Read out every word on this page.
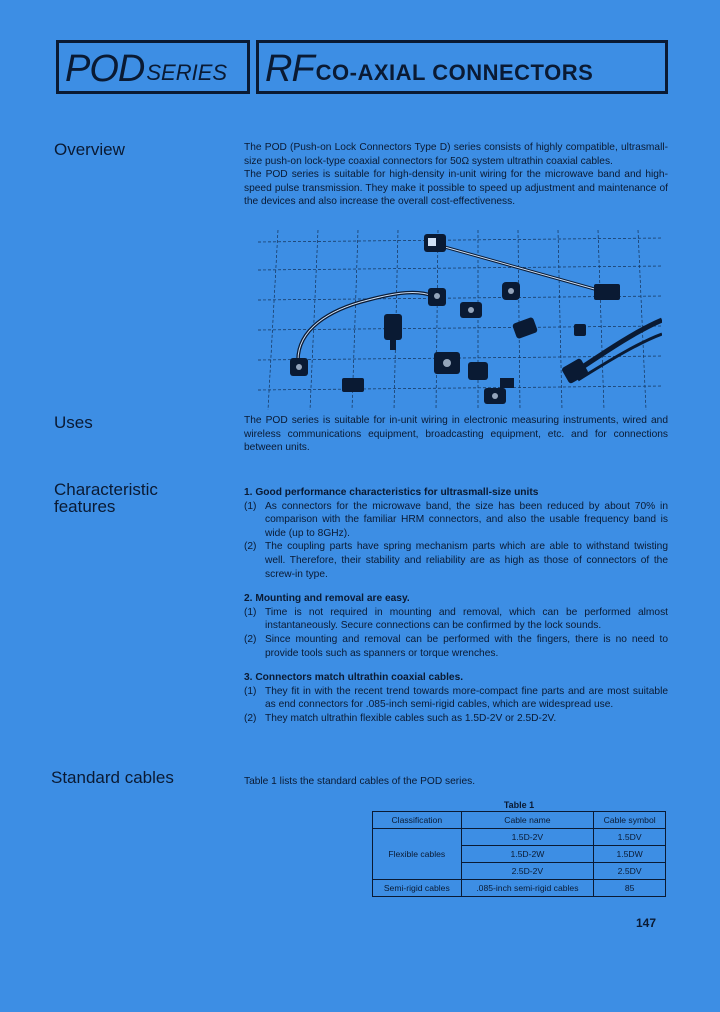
POD SERIES RF CO-AXIAL CONNECTORS
Overview	The POD (Push-on Lock Connectors Type D) series consists of highly compatible, ultrasmall-size push-on lock-type coaxial connectors for 50Ω system ultrathin coaxial cables.

The POD series is suitable for high-density in-unit wiring for the microwave band and high-speed pulse transmission. They make it possible to speed up adjustment and maintenance of the devices and also increase the overall cost-effectiveness.

Uses	The POD series is suitable for in-unit wiring in electronic measuring instruments, wired and wireless communications equipment, broadcasting equipment, etc. and for connections between units.
Characteristic
features
1. Good performance characteristics for ultrasmall-size units
(1) As connectors for the microwave band, the size has been reduced by about 70% in comparison with the familiar HRM connectors, and also the usable frequency band is wide (up to 8GHz).
(2) The coupling parts have spring mechanism parts which are able to withstand twisting well. Therefore, their stability and reliability are as high as those of connectors of the screw-in type.
2. Mounting and removal are easy.
(1) Time is not required in mounting and removal, which can be performed almost instantaneously. Secure connections can be confirmed by the lock sounds.
(2) Since mounting and removal can be performed with the fingers, there is no need to provide tools such as spanners or torque wrenches.
3. Connectors match ultrathin coaxial cables.
(1) They fit in with the recent trend towards more-compact fine parts and are most suitable as end connectors for .085-inch semi-rigid cables, which are widespread use.
(2) They match ultrathin flexible cables such as 1.5D-2V or 2.5D-2V.
Standard cables	Table 1 lists the standard cables of the POD series.
Table 1
Classification	Cable name	Cable symbol
Flexible cables	1.5D-2V	1.5DV
	1.5D-2W	1.5DW
	2.5D-2V	2.5DV
Semi-rigid cables	.085-inch semi-rigid cables	85
147
